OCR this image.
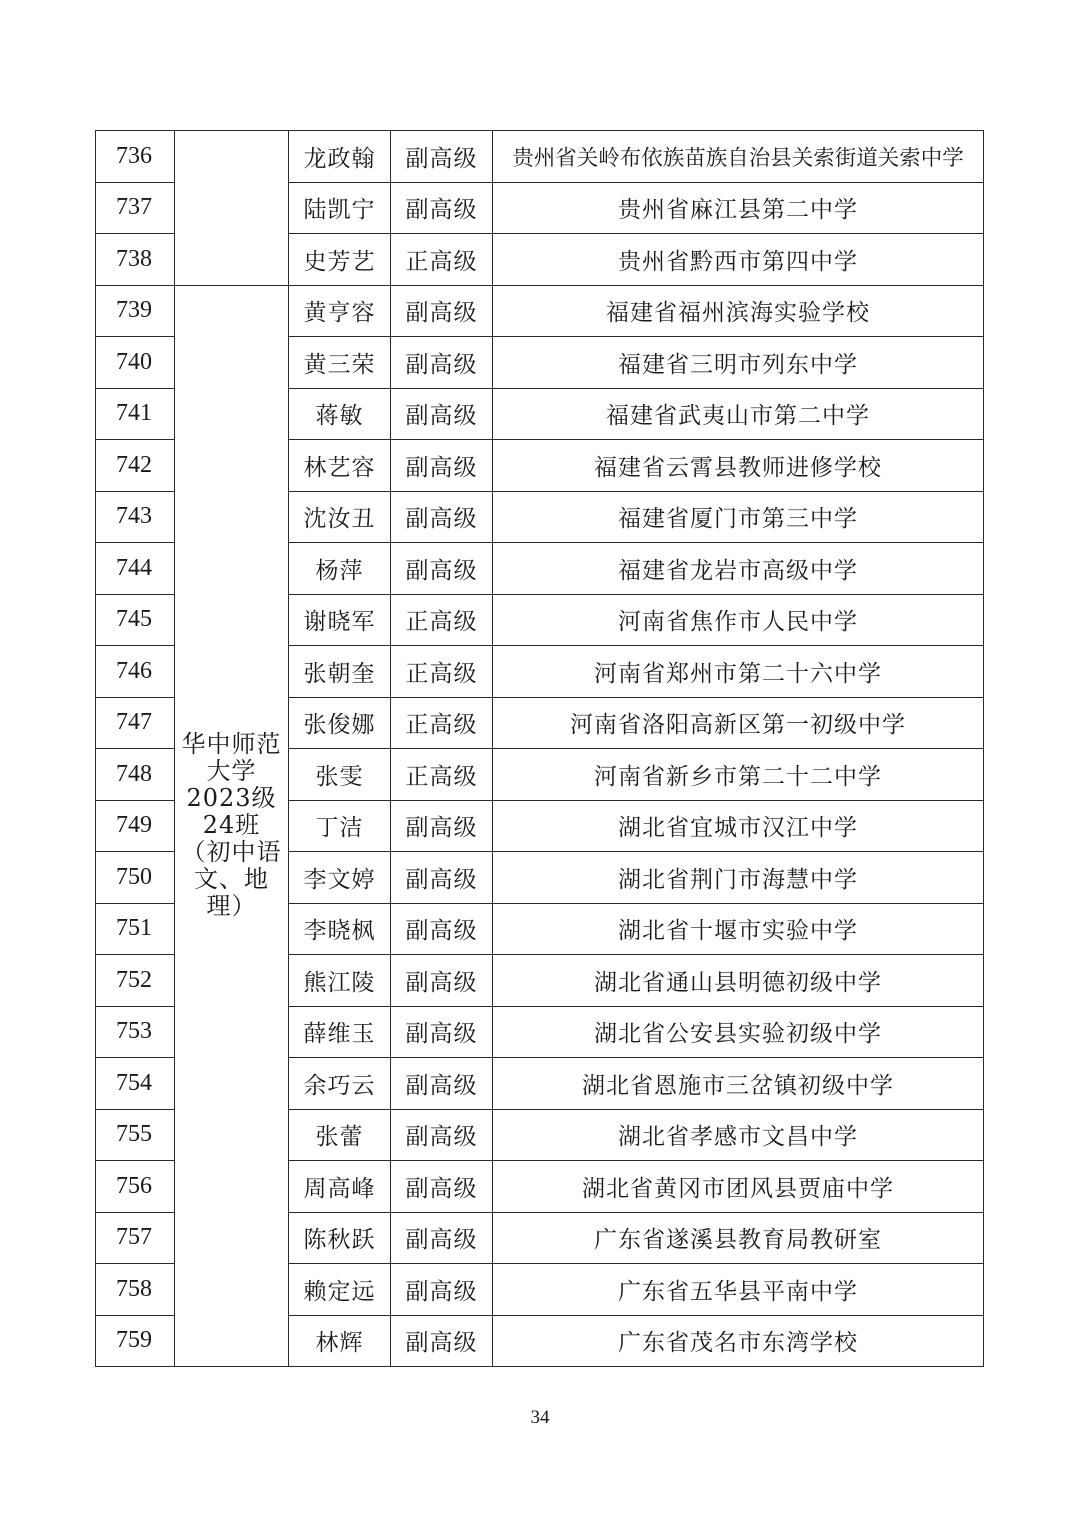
736		龙政翰	副高级	贵州省关岭布依族苗族自治县关索街道关索中学
737		陆凯宁	副高级	贵州省麻江县第二中学
738		史芳艺	正高级	贵州省黔西市第四中学
739	华中师范大学2023级24班（初中语文、地理）	黄亨容	副高级	福建省福州滨海实验学校
740		黄三荣	副高级	福建省三明市列东中学
741		蒋敏	副高级	福建省武夷山市第二中学
742		林艺容	副高级	福建省云霄县教师进修学校
743		沈汝丑	副高级	福建省厦门市第三中学
744		杨萍	副高级	福建省龙岩市高级中学
745		谢晓军	正高级	河南省焦作市人民中学
746		张朝奎	正高级	河南省郑州市第二十六中学
747		张俊娜	正高级	河南省洛阳高新区第一初级中学
748		张雯	正高级	河南省新乡市第二十二中学
749		丁洁	副高级	湖北省宜城市汉江中学
750		李文婷	副高级	湖北省荆门市海慧中学
751		李晓枫	副高级	湖北省十堰市实验中学
752		熊江陵	副高级	湖北省通山县明德初级中学
753		薛维玉	副高级	湖北省公安县实验初级中学
754		余巧云	副高级	湖北省恩施市三岔镇初级中学
755		张蕾	副高级	湖北省孝感市文昌中学
756		周高峰	副高级	湖北省黄冈市团风县贾庙中学
757		陈秋跃	副高级	广东省遂溪县教育局教研室
758		赖定远	副高级	广东省五华县平南中学
759		林辉	副高级	广东省茂名市东湾学校
34
